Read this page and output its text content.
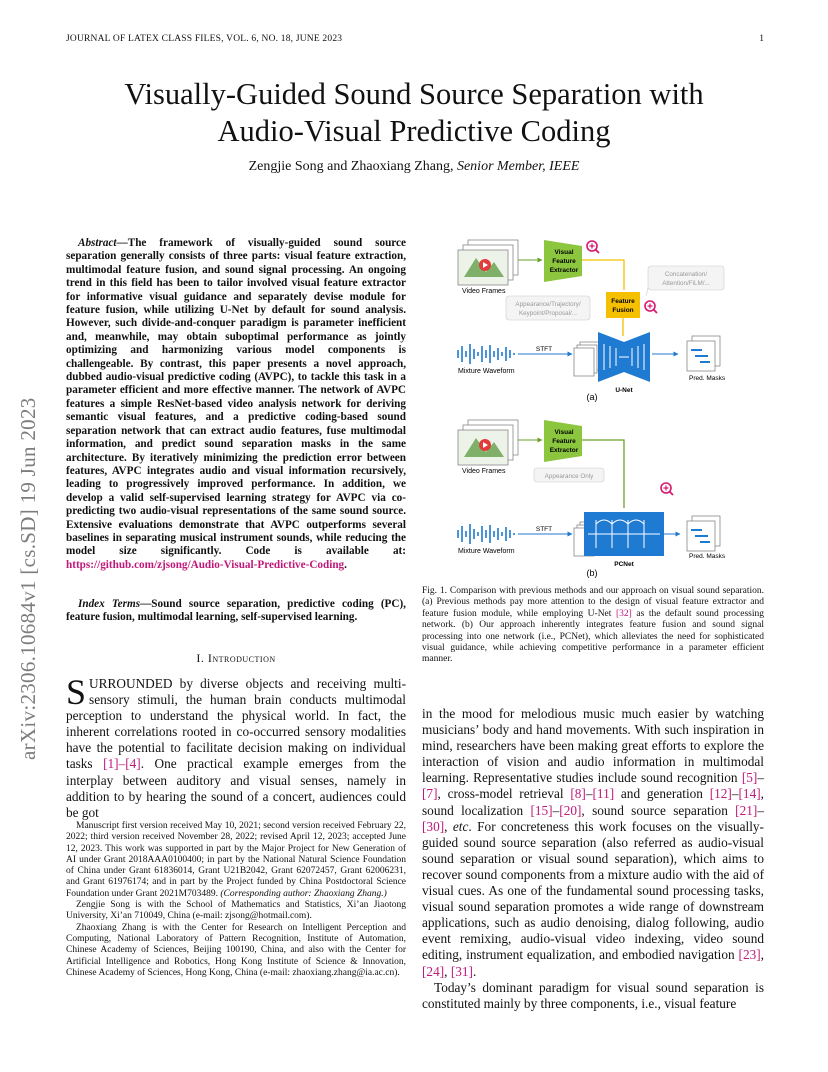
JOURNAL OF LATEX CLASS FILES, VOL. 6, NO. 18, JUNE 2023	1
arXiv:2306.10684v1 [cs.SD] 19 Jun 2023
Visually-Guided Sound Source Separation with
Audio-Visual Predictive Coding
Zengjie Song and Zhaoxiang Zhang, Senior Member, IEEE
Abstract—The framework of visually-guided sound source separation generally consists of three parts: visual feature extraction, multimodal feature fusion, and sound signal processing. An ongoing trend in this field has been to tailor involved visual feature extractor for informative visual guidance and separately devise module for feature fusion, while utilizing U-Net by default for sound analysis. However, such divide-and-conquer paradigm is parameter inefficient and, meanwhile, may obtain suboptimal performance as jointly optimizing and harmonizing various model components is challengeable. By contrast, this paper presents a novel approach, dubbed audio-visual predictive coding (AVPC), to tackle this task in a parameter efficient and more effective manner. The network of AVPC features a simple ResNet-based video analysis network for deriving semantic visual features, and a predictive coding-based sound separation network that can extract audio features, fuse multimodal information, and predict sound separation masks in the same architecture. By iteratively minimizing the prediction error between features, AVPC integrates audio and visual information recursively, leading to progressively improved performance. In addition, we develop a valid self-supervised learning strategy for AVPC via co-predicting two audio-visual representations of the same sound source. Extensive evaluations demonstrate that AVPC outperforms several baselines in separating musical instrument sounds, while reducing the model size significantly. Code is available at: https://github.com/zjsong/Audio-Visual-Predictive-Coding.
Index Terms—Sound source separation, predictive coding (PC), feature fusion, multimodal learning, self-supervised learning.
I. Introduction
SURROUNDED by diverse objects and receiving multi-sensory stimuli, the human brain conducts multimodal perception to understand the physical world. In fact, the inherent correlations rooted in co-occurred sensory modalities have the potential to facilitate decision making on individual tasks [1]–[4]. One practical example emerges from the interplay between auditory and visual senses, namely in addition to by hearing the sound of a concert, audiences could be got

Manuscript first version received May 10, 2021; second version received February 22, 2022; third version received November 28, 2022; revised April 12, 2023; accepted June 12, 2023. This work was supported in part by the Major Project for New Generation of AI under Grant 2018AAA0100400; in part by the National Natural Science Foundation of China under Grant 61836014, Grant U21B2042, Grant 62072457, Grant 62006231, and Grant 61976174; and in part by the Project funded by China Postdoctoral Science Foundation under Grant 2021M703489. (Corresponding author: Zhaoxiang Zhang.)

Zengjie Song is with the School of Mathematics and Statistics, Xi’an Jiaotong University, Xi’an 710049, China (e-mail: zjsong@hotmail.com).

Zhaoxiang Zhang is with the Center for Research on Intelligent Perception and Computing, National Laboratory of Pattern Recognition, Institute of Automation, Chinese Academy of Sciences, Beijing 100190, China, and also with the Center for Artificial Intelligence and Robotics, Hong Kong Institute of Science & Innovation, Chinese Academy of Sciences, Hong Kong, China (e-mail: zhaoxiang.zhang@ia.ac.cn).

Video Frames
Visual
Feature
Extractor
Concatenation/
Attention/FiLM/...
Appearance/Trajectory/
Keypoint/Proposal/...
Feature
Fusion
Mixture Waveform
STFT
U-Net
Pred. Masks
(a)
Video Frames
Visual
Feature
Extractor
Appearance Only
Mixture Waveform
STFT
PCNet
Pred. Masks
(b)
Fig. 1. Comparison with previous methods and our approach on visual sound separation. (a) Previous methods pay more attention to the design of visual feature extractor and feature fusion module, while employing U-Net [32] as the default sound processing network. (b) Our approach inherently integrates feature fusion and sound signal processing into one network (i.e., PCNet), which alleviates the need for sophisticated visual guidance, while achieving competitive performance in a parameter efficient manner.

in the mood for melodious music much easier by watching musicians’ body and hand movements. With such inspiration in mind, researchers have been making great efforts to explore the interaction of vision and audio information in multimodal learning. Representative studies include sound recognition [5]–[7], cross-model retrieval [8]–[11] and generation [12]–[14], sound localization [15]–[20], sound source separation [21]–[30], etc. For concreteness this work focuses on the visually-guided sound source separation (also referred as audio-visual sound separation or visual sound separation), which aims to recover sound components from a mixture audio with the aid of visual cues. As one of the fundamental sound processing tasks, visual sound separation promotes a wide range of downstream applications, such as audio denoising, dialog following, audio event remixing, audio-visual video indexing, video sound editing, instrument equalization, and embodied navigation [23], [24], [31].

Today’s dominant paradigm for visual sound separation is constituted mainly by three components, i.e., visual feature
